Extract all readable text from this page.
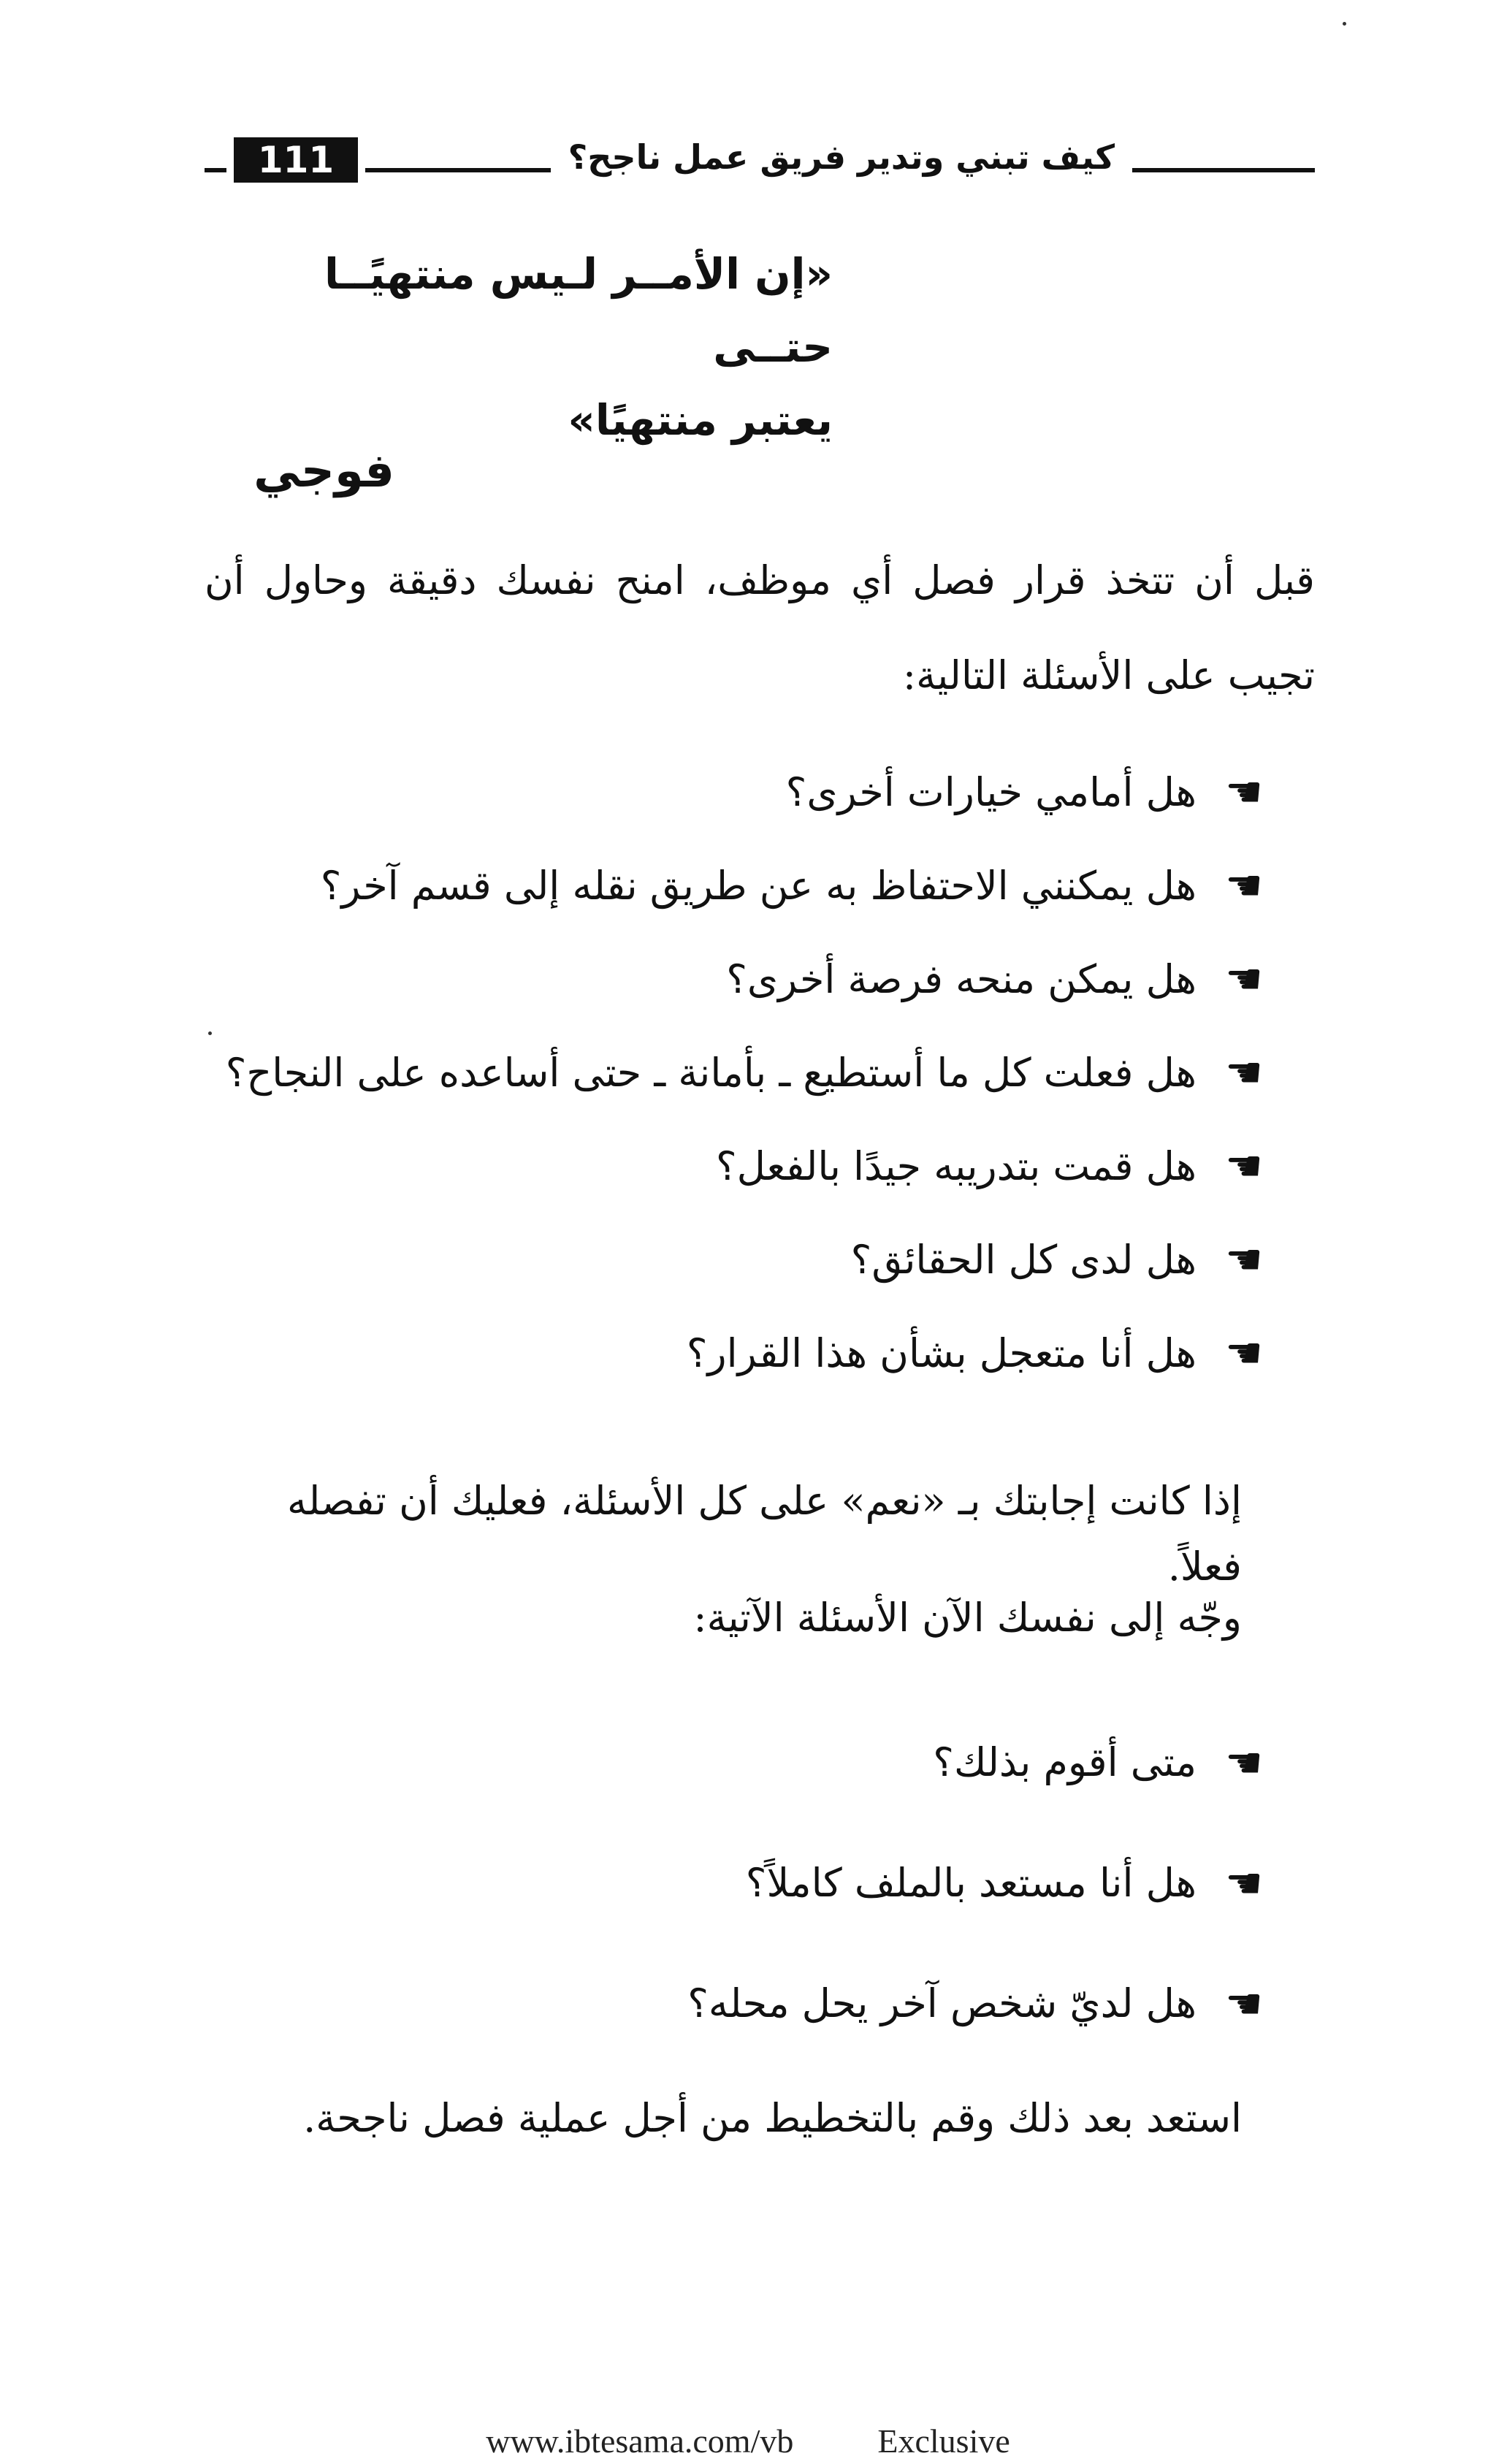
كيف تبني وتدير فريق عمل ناجح؟
111
«إن الأمــر لـيس منتهيًــا حتــى
يعتبر منتهيًا»
فوجي
قبل أن تتخذ قرار فصل أي موظف، امنح نفسك دقيقة وحاول أن تجيب على الأسئلة التالية:
☚
هل أمامي خيارات أخرى؟
☚
هل يمكنني الاحتفاظ به عن طريق نقله إلى قسم آخر؟
☚
هل يمكن منحه فرصة أخرى؟
☚
هل فعلت كل ما أستطيع ـ بأمانة ـ حتى أساعده على النجاح؟
☚
هل قمت بتدريبه جيدًا بالفعل؟
☚
هل لدى كل الحقائق؟
☚
هل أنا متعجل بشأن هذا القرار؟
إذا كانت إجابتك بـ «نعم» على كل الأسئلة، فعليك أن تفصله فعلاً.
وجّه إلى نفسك الآن الأسئلة الآتية:
☚
متى أقوم بذلك؟
☚
هل أنا مستعد بالملف كاملاً؟
☚
هل لديّ شخص آخر يحل محله؟
استعد بعد ذلك وقم بالتخطيط من أجل عملية فصل ناجحة.
www.ibtesama.com/vb	Exclusive
